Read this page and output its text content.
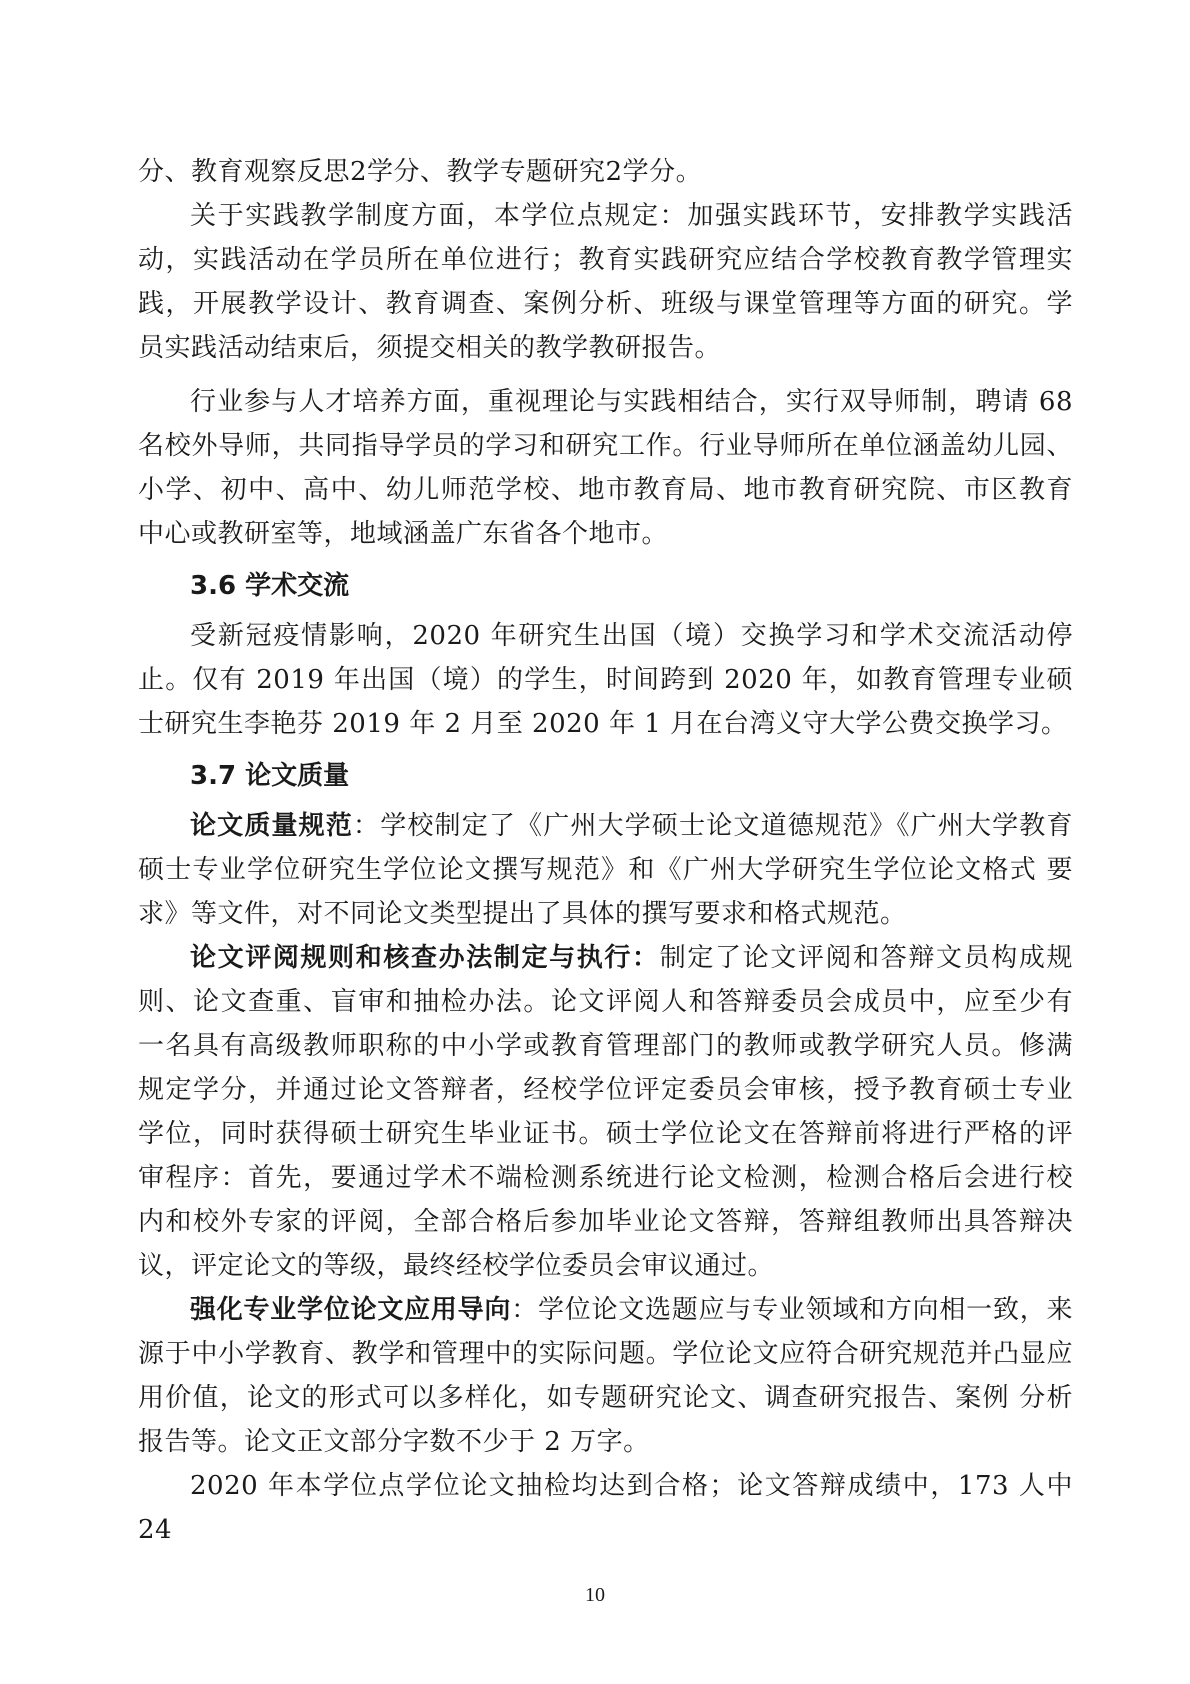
分、教育观察反思2学分、教学专题研究2学分。

关于实践教学制度方面，本学位点规定：加强实践环节，安排教学实践活 动，实践活动在学员所在单位进行；教育实践研究应结合学校教育教学管理实 践，开展教学设计、教育调查、案例分析、班级与课堂管理等方面的研究。学 员实践活动结束后，须提交相关的教学教研报告。

行业参与人才培养方面，重视理论与实践相结合，实行双导师制，聘请 68 名校外导师，共同指导学员的学习和研究工作。行业导师所在单位涵盖幼儿园、 小学、初中、高中、幼儿师范学校、地市教育局、地市教育研究院、市区教育 中心或教研室等，地域涵盖广东省各个地市。

3.6 学术交流

受新冠疫情影响，2020 年研究生出国（境）交换学习和学术交流活动停止。仅有 2019 年出国（境）的学生，时间跨到 2020 年，如教育管理专业硕士研究生李艳芬 2019 年 2 月至 2020 年 1 月在台湾义守大学公费交换学习。

3.7 论文质量

论文质量规范：学校制定了《广州大学硕士论文道德规范》《广州大学教育硕士专业学位研究生学位论文撰写规范》和《广州大学研究生学位论文格式 要求》等文件，对不同论文类型提出了具体的撰写要求和格式规范。

论文评阅规则和核查办法制定与执行：制定了论文评阅和答辩文员构成规则、论文查重、盲审和抽检办法。论文评阅人和答辩委员会成员中，应至少有 一名具有高级教师职称的中小学或教育管理部门的教师或教学研究人员。修满 规定学分，并通过论文答辩者，经校学位评定委员会审核，授予教育硕士专业 学位，同时获得硕士研究生毕业证书。硕士学位论文在答辩前将进行严格的评 审程序：首先，要通过学术不端检测系统进行论文检测，检测合格后会进行校 内和校外专家的评阅，全部合格后参加毕业论文答辩，答辩组教师出具答辩决 议，评定论文的等级，最终经校学位委员会审议通过。

强化专业学位论文应用导向：学位论文选题应与专业领域和方向相一致，来源于中小学教育、教学和管理中的实际问题。学位论文应符合研究规范并凸显应用价值，论文的形式可以多样化，如专题研究论文、调查研究报告、案例 分析报告等。论文正文部分字数不少于 2 万字。

2020 年本学位点学位论文抽检均达到合格；论文答辩成绩中，173 人中 24

10
